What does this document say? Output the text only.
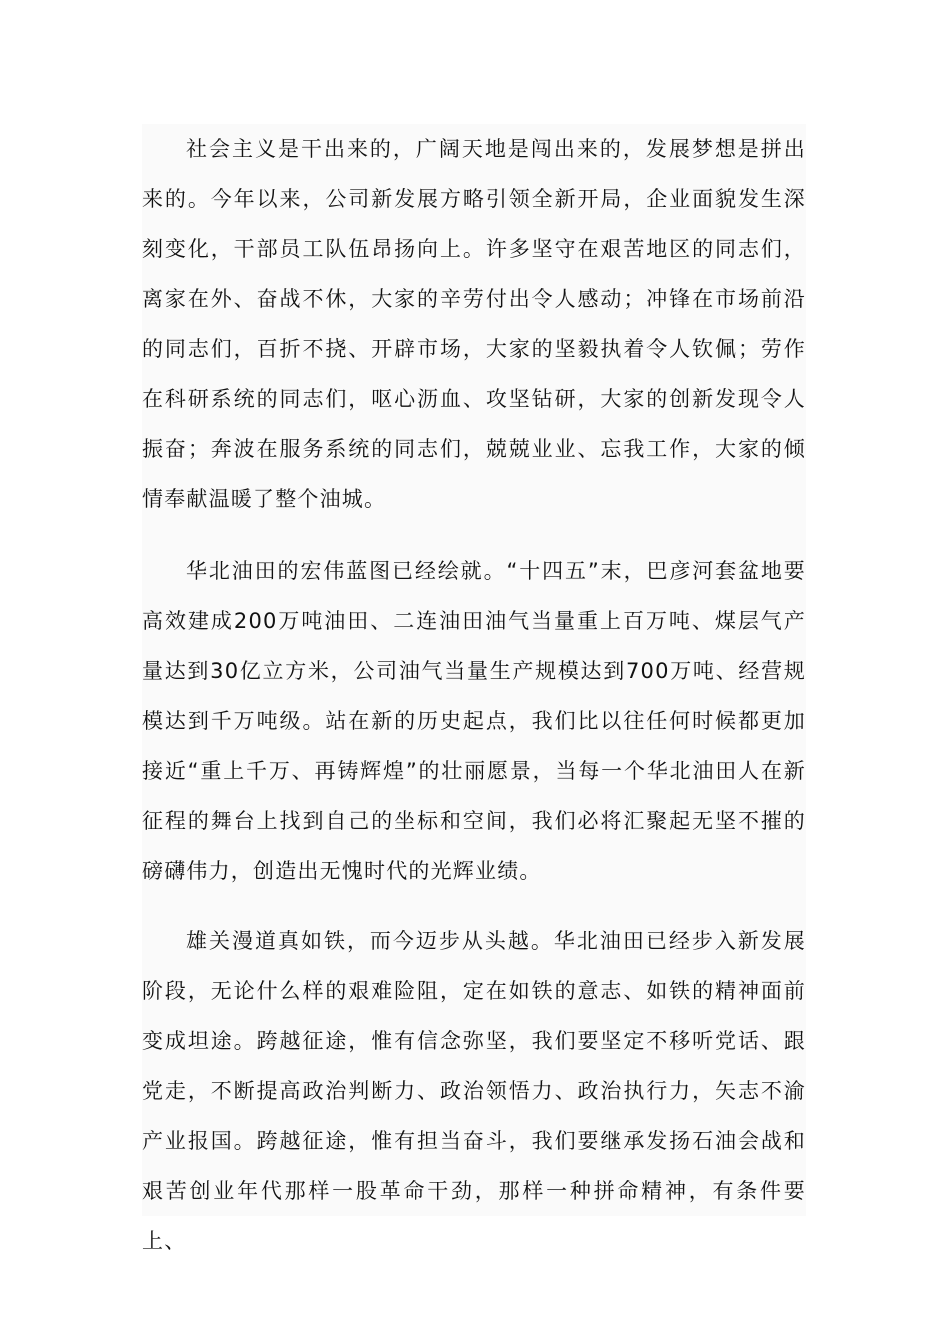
社会主义是干出来的，广阔天地是闯出来的，发展梦想是拼出来的。今年以来，公司新发展方略引领全新开局，企业面貌发生深刻变化，干部员工队伍昂扬向上。许多坚守在艰苦地区的同志们，离家在外、奋战不休，大家的辛劳付出令人感动；冲锋在市场前沿的同志们，百折不挠、开辟市场，大家的坚毅执着令人钦佩；劳作在科研系统的同志们，呕心沥血、攻坚钻研，大家的创新发现令人振奋；奔波在服务系统的同志们，兢兢业业、忘我工作，大家的倾情奉献温暖了整个油城。

华北油田的宏伟蓝图已经绘就。“十四五”末，巴彦河套盆地要高效建成200万吨油田、二连油田油气当量重上百万吨、煤层气产量达到30亿立方米，公司油气当量生产规模达到700万吨、经营规模达到千万吨级。站在新的历史起点，我们比以往任何时候都更加接近“重上千万、再铸辉煌”的壮丽愿景，当每一个华北油田人在新征程的舞台上找到自己的坐标和空间，我们必将汇聚起无坚不摧的磅礴伟力，创造出无愧时代的光辉业绩。

雄关漫道真如铁，而今迈步从头越。华北油田已经步入新发展阶段，无论什么样的艰难险阻，定在如铁的意志、如铁的精神面前变成坦途。跨越征途，惟有信念弥坚，我们要坚定不移听党话、跟党走，不断提高政治判断力、政治领悟力、政治执行力，矢志不渝产业报国。跨越征途，惟有担当奋斗，我们要继承发扬石油会战和艰苦创业年代那样一股革命干劲，那样一种拼命精神，有条件要上、
